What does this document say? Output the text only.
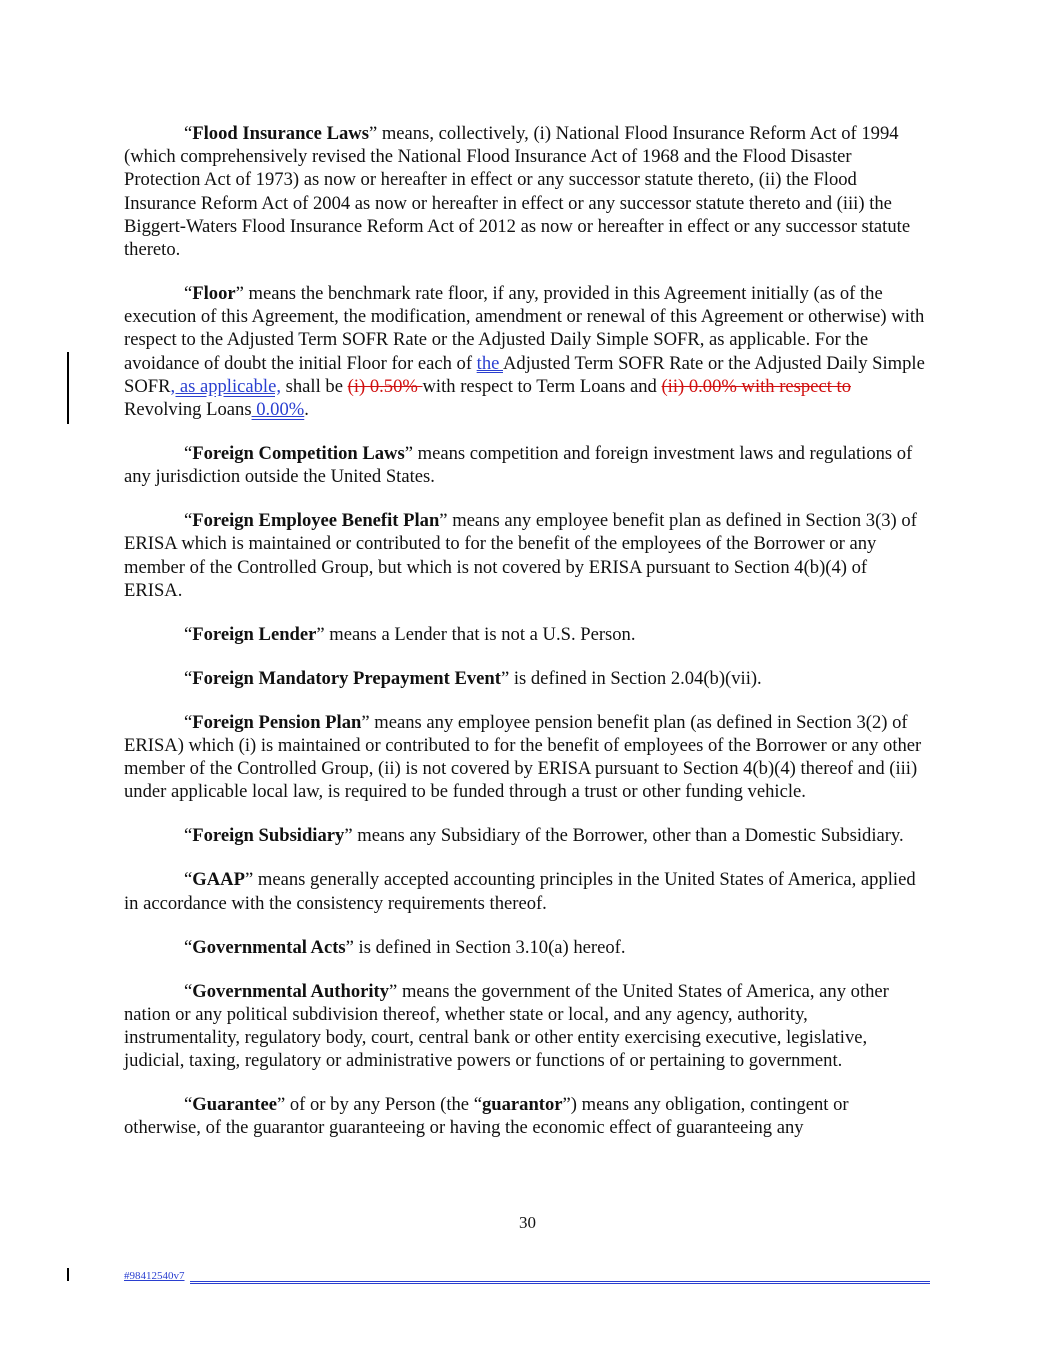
“Flood Insurance Laws” means, collectively, (i) National Flood Insurance Reform Act of 1994 (which comprehensively revised the National Flood Insurance Act of 1968 and the Flood Disaster Protection Act of 1973) as now or hereafter in effect or any successor statute thereto, (ii) the Flood Insurance Reform Act of 2004 as now or hereafter in effect or any successor statute thereto and (iii) the Biggert-Waters Flood Insurance Reform Act of 2012 as now or hereafter in effect or any successor statute thereto.

“Floor” means the benchmark rate floor, if any, provided in this Agreement initially (as of the execution of this Agreement, the modification, amendment or renewal of this Agreement or otherwise) with respect to the Adjusted Term SOFR Rate or the Adjusted Daily Simple SOFR, as applicable. For the avoidance of doubt the initial Floor for each of the Adjusted Term SOFR Rate or the Adjusted Daily Simple SOFR, as applicable, shall be (i) 0.50% with respect to Term Loans and (ii) 0.00% with respect to Revolving Loans 0.00%.

“Foreign Competition Laws” means competition and foreign investment laws and regulations of any jurisdiction outside the United States.

“Foreign Employee Benefit Plan” means any employee benefit plan as defined in Section 3(3) of ERISA which is maintained or contributed to for the benefit of the employees of the Borrower or any member of the Controlled Group, but which is not covered by ERISA pursuant to Section 4(b)(4) of ERISA.

“Foreign Lender” means a Lender that is not a U.S. Person.

“Foreign Mandatory Prepayment Event” is defined in Section 2.04(b)(vii).

“Foreign Pension Plan” means any employee pension benefit plan (as defined in Section 3(2) of ERISA) which (i) is maintained or contributed to for the benefit of employees of the Borrower or any other member of the Controlled Group, (ii) is not covered by ERISA pursuant to Section 4(b)(4) thereof and (iii) under applicable local law, is required to be funded through a trust or other funding vehicle.

“Foreign Subsidiary” means any Subsidiary of the Borrower, other than a Domestic Subsidiary.

“GAAP” means generally accepted accounting principles in the United States of America, applied in accordance with the consistency requirements thereof.

“Governmental Acts” is defined in Section 3.10(a) hereof.

“Governmental Authority” means the government of the United States of America, any other nation or any political subdivision thereof, whether state or local, and any agency, authority, instrumentality, regulatory body, court, central bank or other entity exercising executive, legislative, judicial, taxing, regulatory or administrative powers or functions of or pertaining to government.

“Guarantee” of or by any Person (the “guarantor”) means any obligation, contingent or otherwise, of the guarantor guaranteeing or having the economic effect of guaranteeing any

30
#98412540v7
